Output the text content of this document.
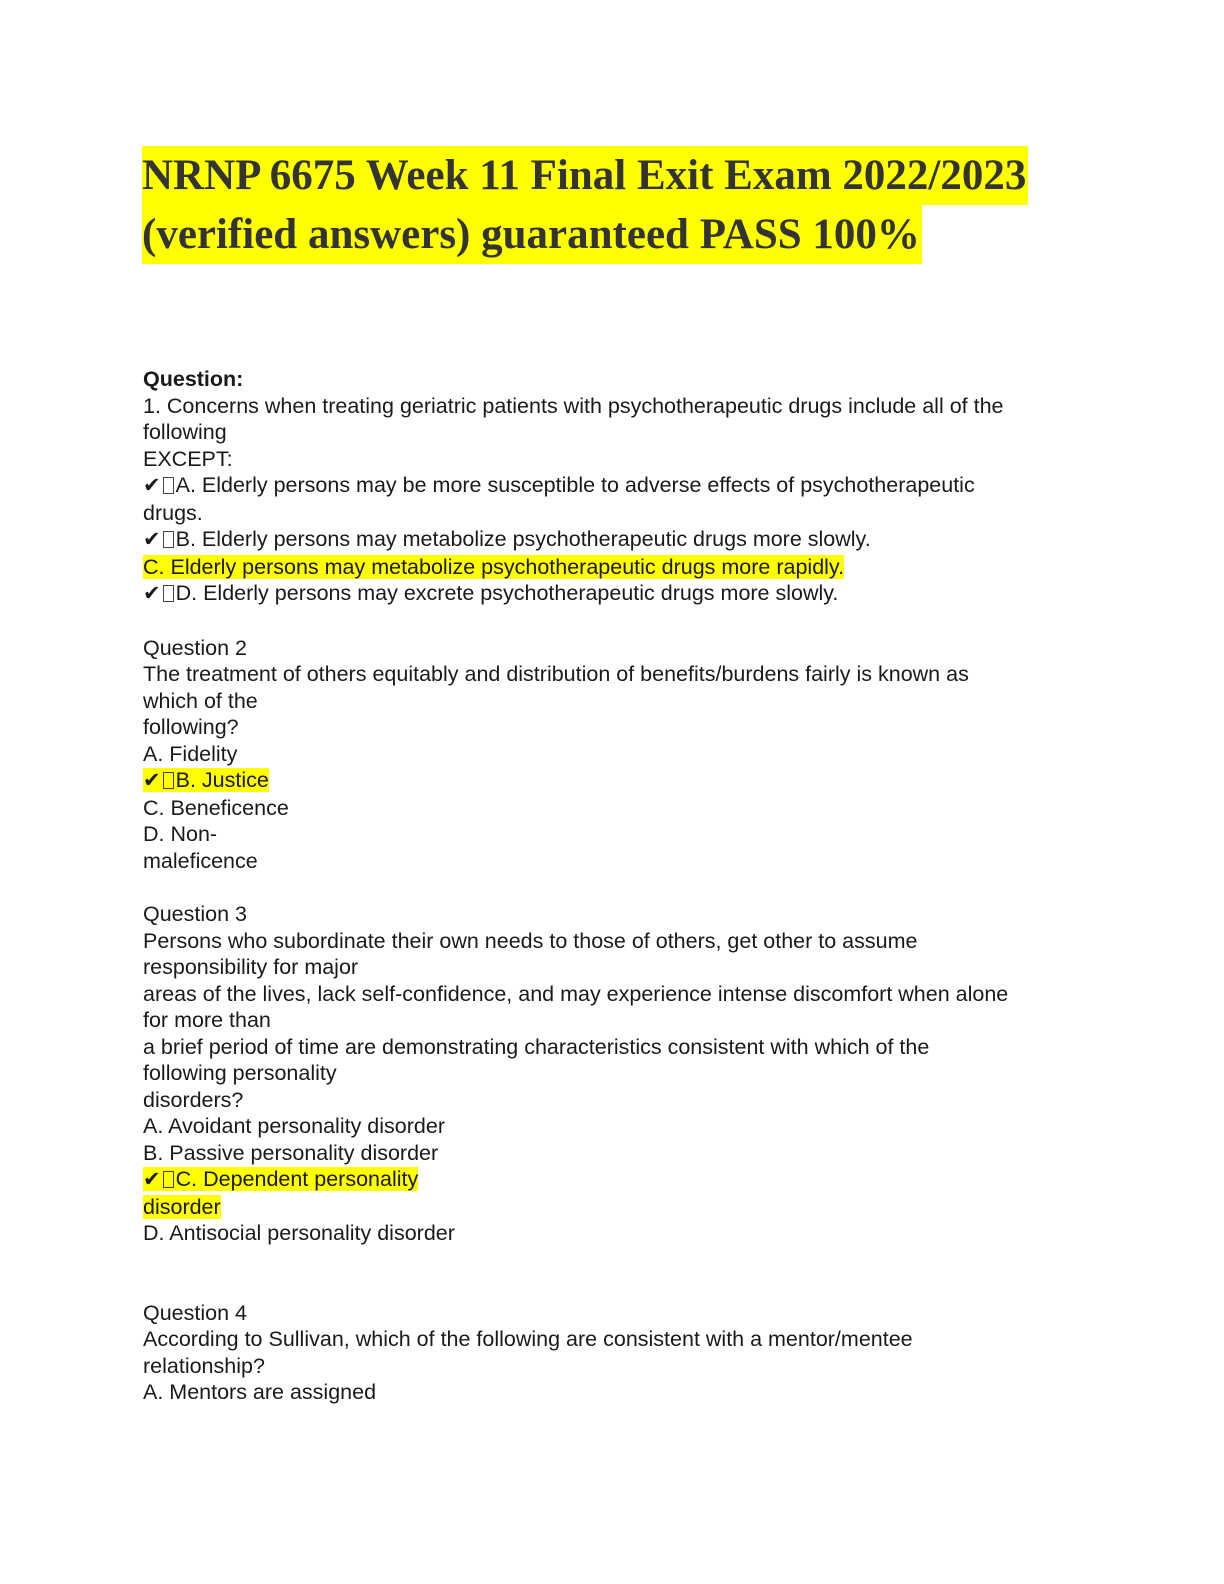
NRNP 6675 Week 11 Final Exit Exam 2022/2023
(verified answers) guaranteed PASS 100%
Question:
1. Concerns when treating geriatric patients with psychotherapeutic drugs include all of the
following
EXCEPT:
✔ A. Elderly persons may be more susceptible to adverse effects of psychotherapeutic
drugs.
✔ B. Elderly persons may metabolize psychotherapeutic drugs more slowly.
C. Elderly persons may metabolize psychotherapeutic drugs more rapidly.
✔ D. Elderly persons may excrete psychotherapeutic drugs more slowly.
Question 2
The treatment of others equitably and distribution of benefits/burdens fairly is known as
which of the
following?
A. Fidelity
✔ B. Justice
C. Beneficence
D. Non-
maleficence
Question 3
Persons who subordinate their own needs to those of others, get other to assume
responsibility for major
areas of the lives, lack self-confidence, and may experience intense discomfort when alone
for more than
a brief period of time are demonstrating characteristics consistent with which of the
following personality
disorders?
A. Avoidant personality disorder
B. Passive personality disorder
✔ C. Dependent personality
disorder
D. Antisocial personality disorder
Question 4
According to Sullivan, which of the following are consistent with a mentor/mentee
relationship?
A. Mentors are assigned
